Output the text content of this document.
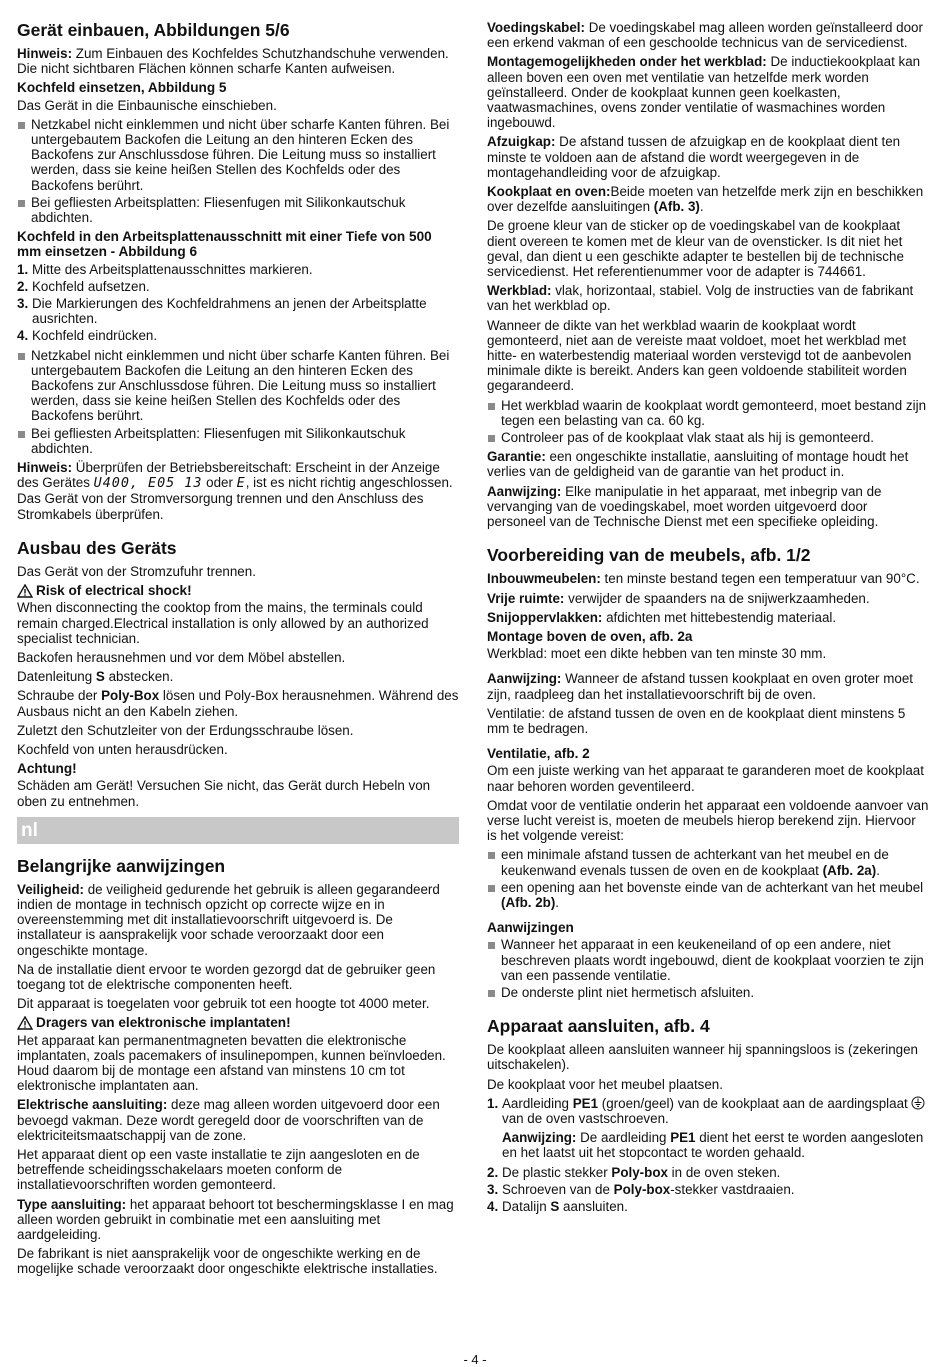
Gerät einbauen, Abbildungen 5/6

Hinweis: Zum Einbauen des Kochfeldes Schutzhandschuhe verwenden. Die nicht sichtbaren Flächen können scharfe Kanten aufweisen.

Kochfeld einsetzen, Abbildung 5

Das Gerät in die Einbaunische einschieben.

Netzkabel nicht einklemmen und nicht über scharfe Kanten führen. Bei untergebautem Backofen die Leitung an den hinteren Ecken des Backofens zur Anschlussdose führen. Die Leitung muss so installiert werden, dass sie keine heißen Stellen des Kochfelds oder des Backofens berührt.
Bei gefliesten Arbeitsplatten: Fliesenfugen mit Silikonkautschuk abdichten.
Kochfeld in den Arbeitsplattenausschnitt mit einer Tiefe von 500 mm einsetzen - Abbildung 6
1. Mitte des Arbeitsplattenausschnittes markieren.
2. Kochfeld aufsetzen.
3. Die Markierungen des Kochfeldrahmens an jenen der Arbeitsplatte ausrichten.
4. Kochfeld eindrücken.
Netzkabel nicht einklemmen und nicht über scharfe Kanten führen. Bei untergebautem Backofen die Leitung an den hinteren Ecken des Backofens zur Anschlussdose führen. Die Leitung muss so installiert werden, dass sie keine heißen Stellen des Kochfelds oder des Backofens berührt.
Bei gefliesten Arbeitsplatten: Fliesenfugen mit Silikonkautschuk abdichten.

Hinweis: Überprüfen der Betriebsbereitschaft: Erscheint in der Anzeige des Gerätes U400, E05 13 oder E, ist es nicht richtig angeschlossen. Das Gerät von der Stromversorgung trennen und den Anschluss des Stromkabels überprüfen.

Ausbau des Geräts

Das Gerät von der Stromzufuhr trennen.

Risk of electrical shock!

When disconnecting the cooktop from the mains, the terminals could remain charged.Electrical installation is only allowed by an authorized specialist technician.

Backofen herausnehmen und vor dem Möbel abstellen.

Datenleitung S abstecken.

Schraube der Poly-Box lösen und Poly-Box herausnehmen. Während des Ausbaus nicht an den Kabeln ziehen.

Zuletzt den Schutzleiter von der Erdungsschraube lösen.

Kochfeld von unten herausdrücken.

Achtung!

Schäden am Gerät! Versuchen Sie nicht, das Gerät durch Hebeln von oben zu entnehmen.

nl
Belangrijke aanwijzingen

Veiligheid: de veiligheid gedurende het gebruik is alleen gegarandeerd indien de montage in technisch opzicht op correcte wijze en in overeenstemming met dit installatievoorschrift uitgevoerd is. De installateur is aansprakelijk voor schade veroorzaakt door een ongeschikte montage.

Na de installatie dient ervoor te worden gezorgd dat de gebruiker geen toegang tot de elektrische componenten heeft.

Dit apparaat is toegelaten voor gebruik tot een hoogte tot 4000 meter.

Dragers van elektronische implantaten!

Het apparaat kan permanentmagneten bevatten die elektronische implantaten, zoals pacemakers of insulinepompen, kunnen beïnvloeden. Houd daarom bij de montage een afstand van minstens 10 cm tot elektronische implantaten aan.

Elektrische aansluiting: deze mag alleen worden uitgevoerd door een bevoegd vakman. Deze wordt geregeld door de voorschriften van de elektriciteitsmaatschappij van de zone.

Het apparaat dient op een vaste installatie te zijn aangesloten en de betreffende scheidingsschakelaars moeten conform de installatievoorschriften worden gemonteerd.

Type aansluiting: het apparaat behoort tot beschermingsklasse I en mag alleen worden gebruikt in combinatie met een aansluiting met aardgeleiding.

De fabrikant is niet aansprakelijk voor de ongeschikte werking en de mogelijke schade veroorzaakt door ongeschikte elektrische installaties.

Voedingskabel: De voedingskabel mag alleen worden geïnstalleerd door een erkend vakman of een geschoolde technicus van de servicedienst.

Montagemogelijkheden onder het werkblad: De inductiekookplaat kan alleen boven een oven met ventilatie van hetzelfde merk worden geïnstalleerd. Onder de kookplaat kunnen geen koelkasten, vaatwasmachines, ovens zonder ventilatie of wasmachines worden ingebouwd.

Afzuigkap: De afstand tussen de afzuigkap en de kookplaat dient ten minste te voldoen aan de afstand die wordt weergegeven in de montagehandleiding voor de afzuigkap.

Kookplaat en oven:Beide moeten van hetzelfde merk zijn en beschikken over dezelfde aansluitingen (Afb. 3).

De groene kleur van de sticker op de voedingskabel van de kookplaat dient overeen te komen met de kleur van de ovensticker. Is dit niet het geval, dan dient u een geschikte adapter te bestellen bij de technische servicedienst. Het referentienummer voor de adapter is 744661.

Werkblad: vlak, horizontaal, stabiel. Volg de instructies van de fabrikant van het werkblad op.

Wanneer de dikte van het werkblad waarin de kookplaat wordt gemonteerd, niet aan de vereiste maat voldoet, moet het werkblad met hitte- en waterbestendig materiaal worden verstevigd tot de aanbevolen minimale dikte is bereikt. Anders kan geen voldoende stabiliteit worden gegarandeerd.

Het werkblad waarin de kookplaat wordt gemonteerd, moet bestand zijn tegen een belasting van ca. 60 kg.
Controleer pas of de kookplaat vlak staat als hij is gemonteerd.

Garantie: een ongeschikte installatie, aansluiting of montage houdt het verlies van de geldigheid van de garantie van het product in.

Aanwijzing: Elke manipulatie in het apparaat, met inbegrip van de vervanging van de voedingskabel, moet worden uitgevoerd door personeel van de Technische Dienst met een specifieke opleiding.

Voorbereiding van de meubels, afb. 1/2

Inbouwmeubelen: ten minste bestand tegen een temperatuur van 90°C.

Vrije ruimte: verwijder de spaanders na de snijwerkzaamheden.

Snijoppervlakken: afdichten met hittebestendig materiaal.

Montage boven de oven, afb. 2a

Werkblad: moet een dikte hebben van ten minste 30 mm.

Aanwijzing: Wanneer de afstand tussen kookplaat en oven groter moet zijn, raadpleeg dan het installatievoorschrift bij de oven.

Ventilatie: de afstand tussen de oven en de kookplaat dient minstens 5 mm te bedragen.

Ventilatie, afb. 2

Om een juiste werking van het apparaat te garanderen moet de kookplaat naar behoren worden geventileerd.

Omdat voor de ventilatie onderin het apparaat een voldoende aanvoer van verse lucht vereist is, moeten de meubels hierop berekend zijn. Hiervoor is het volgende vereist:

een minimale afstand tussen de achterkant van het meubel en de keukenwand evenals tussen de oven en de kookplaat (Afb. 2a).
een opening aan het bovenste einde van de achterkant van het meubel (Afb. 2b).
Aanwijzingen
Wanneer het apparaat in een keukeneiland of op een andere, niet beschreven plaats wordt ingebouwd, dient de kookplaat voorzien te zijn van een passende ventilatie.
De onderste plint niet hermetisch afsluiten.
Apparaat aansluiten, afb. 4

De kookplaat alleen aansluiten wanneer hij spanningsloos is (zekeringen uitschakelen).

De kookplaat voor het meubel plaatsen.

1. Aardleiding PE1 (groen/geel) van de kookplaat aan de aardingsplaat  van de oven vastschroeven.

Aanwijzing: De aardleiding PE1 dient het eerst te worden aangesloten en het laatst uit het stopcontact te worden gehaald.

2. De plastic stekker Poly-box in de oven steken.
3. Schroeven van de Poly-box-stekker vastdraaien.
4. Datalijn S aansluiten.
- 4 -
